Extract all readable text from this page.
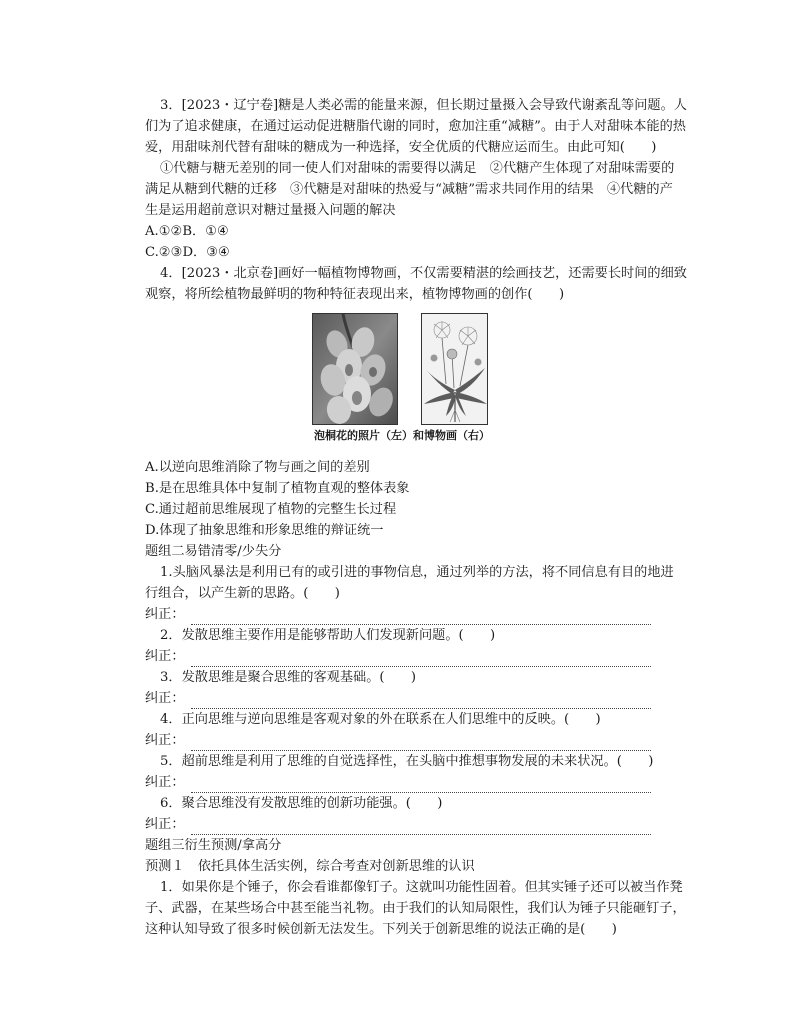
3．[2023・辽宁卷]糖是人类必需的能量来源，但长期过量摄入会导致代谢紊乱等问题。人
们为了追求健康，在通过运动促进糖脂代谢的同时，愈加注重“减糖”。由于人对甜味本能的热
爱，用甜味剂代替有甜味的糖成为一种选择，安全优质的代糖应运而生。由此可知(　　)
①代糖与糖无差别的同一使人们对甜味的需要得以满足　②代糖产生体现了对甜味需要的
满足从糖到代糖的迁移　③代糖是对甜味的热爱与“减糖”需求共同作用的结果　④代糖的产
生是运用超前意识对糖过量摄入问题的解决
A.①②B．①④
C.②③D．③④
4．[2023・北京卷]画好一幅植物博物画，不仅需要精湛的绘画技艺，还需要长时间的细致
观察，将所绘植物最鲜明的物种特征表现出来，植物博物画的创作(　　)
泡桐花的照片（左）和博物画（右）
A.以逆向思维消除了物与画之间的差别
B.是在思维具体中复制了植物直观的整体表象
C.通过超前思维展现了植物的完整生长过程
D.体现了抽象思维和形象思维的辩证统一
题组二易错清零/少失分
1.头脑风暴法是利用已有的或引进的事物信息，通过列举的方法，将不同信息有目的地进
行组合，以产生新的思路。(　　)
纠正：
2．发散思维主要作用是能够帮助人们发现新问题。(　　)
纠正：
3．发散思维是聚合思维的客观基础。(　　)
纠正：
4．正向思维与逆向思维是客观对象的外在联系在人们思维中的反映。(　　)
纠正：
5．超前思维是利用了思维的自觉选择性，在头脑中推想事物发展的未来状况。(　　)
纠正：
6．聚合思维没有发散思维的创新功能强。(　　)
纠正：
题组三衍生预测/拿高分
预测１　依托具体生活实例，综合考查对创新思维的认识
1．如果你是个锤子，你会看谁都像钉子。这就叫功能性固着。但其实锤子还可以被当作凳
子、武器，在某些场合中甚至能当礼物。由于我们的认知局限性，我们认为锤子只能砸钉子，
这种认知导致了很多时候创新无法发生。下列关于创新思维的说法正确的是(　　)
